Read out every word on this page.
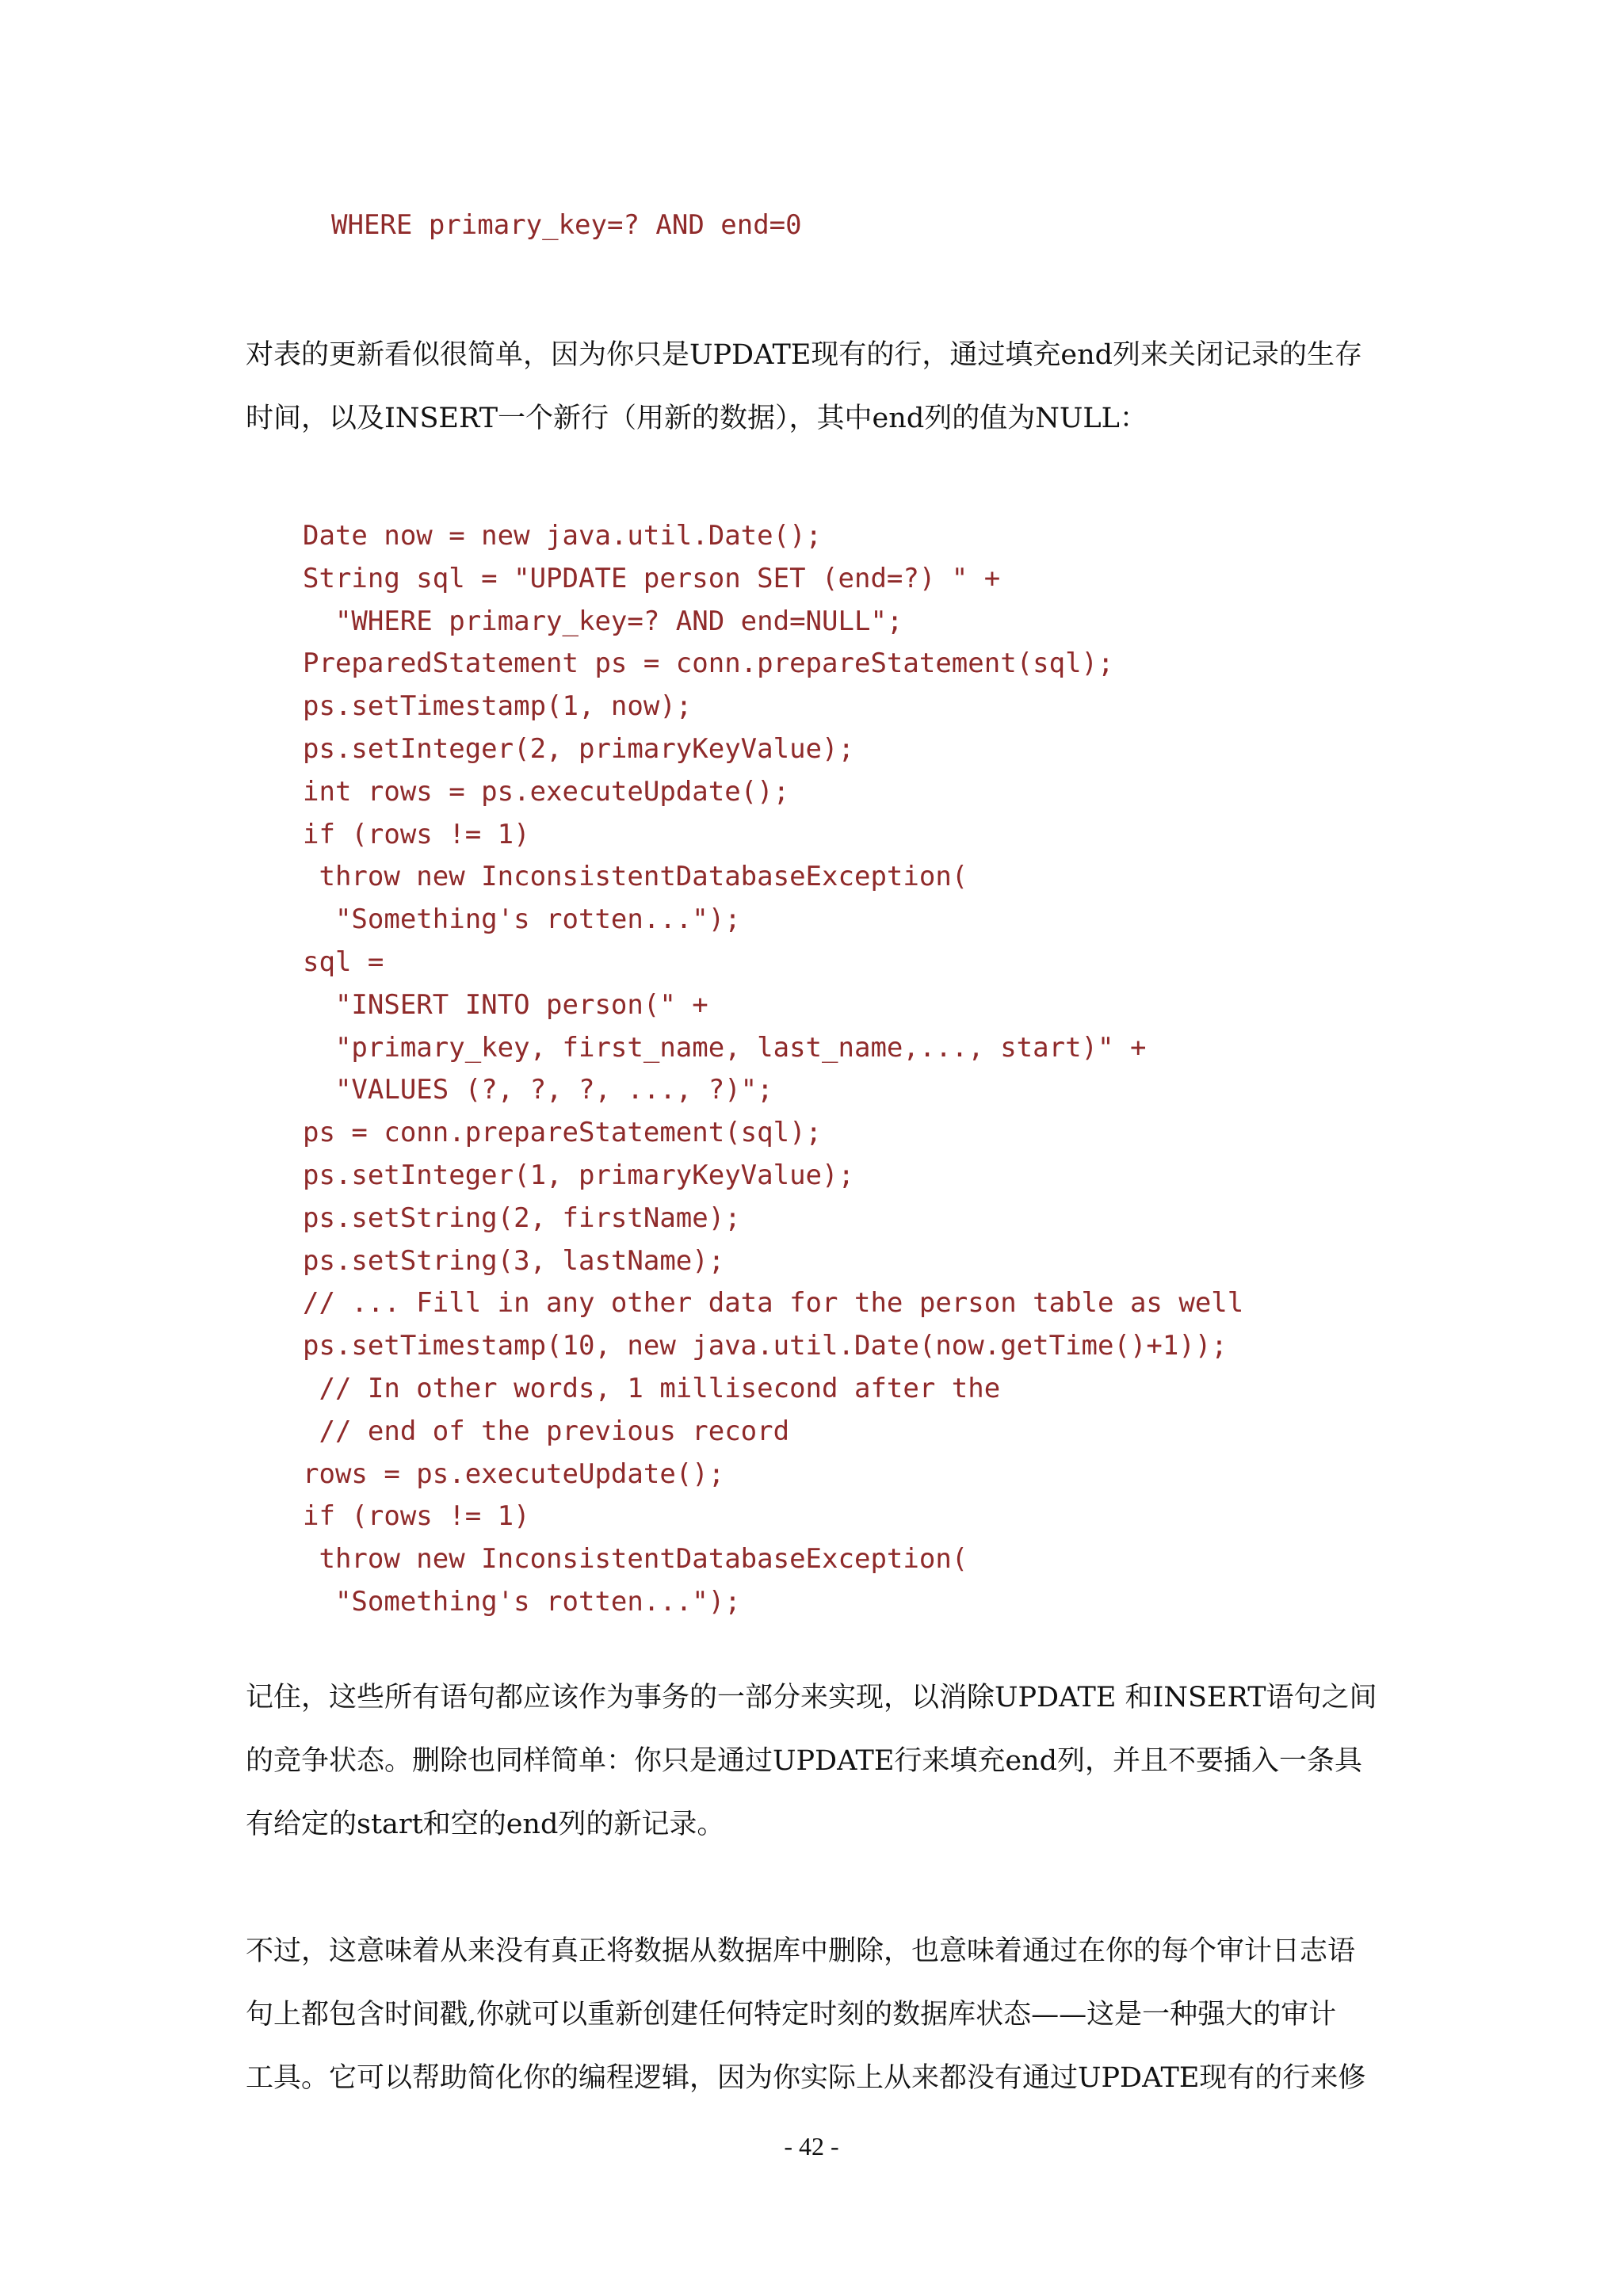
WHERE primary_key=? AND end=0
对表的更新看似很简单，因为你只是UPDATE现有的行，通过填充end列来关闭记录的生存
时间，以及INSERT一个新行（用新的数据），其中end列的值为NULL：
Date now = new java.util.Date();
String sql = "UPDATE person SET (end=?) " +
"WHERE primary_key=? AND end=NULL";
PreparedStatement ps = conn.prepareStatement(sql);
ps.setTimestamp(1, now);
ps.setInteger(2, primaryKeyValue);
int rows = ps.executeUpdate();
if (rows != 1)
throw new InconsistentDatabaseException(
"Something's rotten...");
sql =
"INSERT INTO person(" +
"primary_key, first_name, last_name,..., start)" +
"VALUES (?, ?, ?, ..., ?)";
ps = conn.prepareStatement(sql);
ps.setInteger(1, primaryKeyValue);
ps.setString(2, firstName);
ps.setString(3, lastName);
// ... Fill in any other data for the person table as well
ps.setTimestamp(10, new java.util.Date(now.getTime()+1));
// In other words, 1 millisecond after the
// end of the previous record
rows = ps.executeUpdate();
if (rows != 1)
throw new InconsistentDatabaseException(
"Something's rotten...");
记住，这些所有语句都应该作为事务的一部分来实现，以消除UPDATE 和INSERT语句之间
的竞争状态。删除也同样简单：你只是通过UPDATE行来填充end列，并且不要插入一条具
有给定的start和空的end列的新记录。
不过，这意味着从来没有真正将数据从数据库中删除，也意味着通过在你的每个审计日志语
句上都包含时间戳,你就可以重新创建任何特定时刻的数据库状态——这是一种强大的审计
工具。它可以帮助简化你的编程逻辑，因为你实际上从来都没有通过UPDATE现有的行来修
- 42 -
